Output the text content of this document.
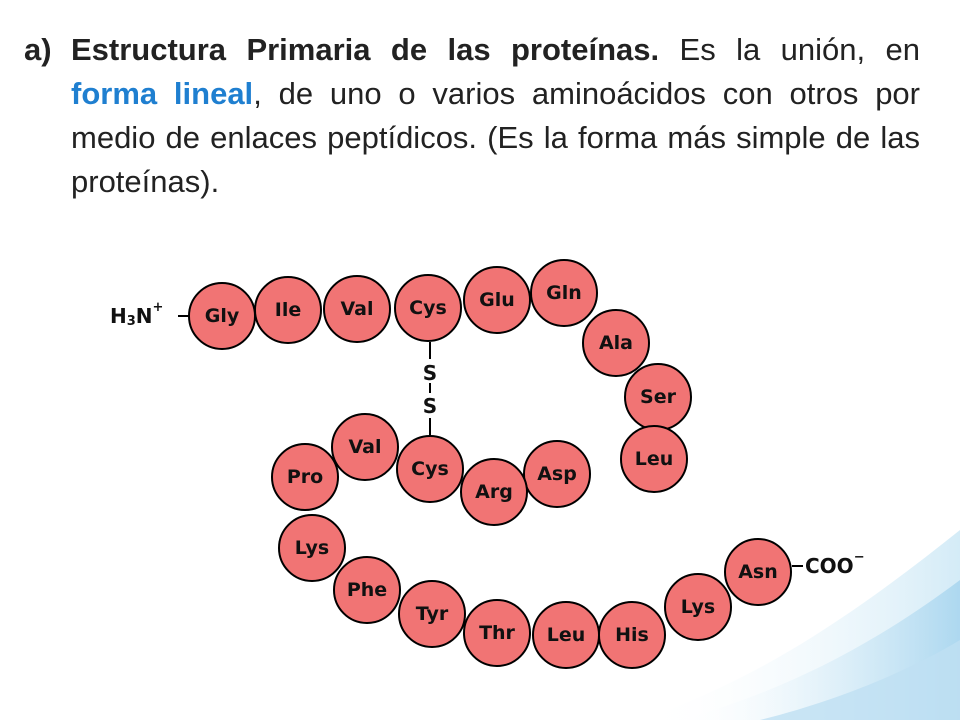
a) Estructura Primaria de las proteínas. Es la unión, en forma lineal, de uno o varios aminoácidos con otros por medio de enlaces peptídicos. (Es la forma más simple de las proteínas).
$H_3N^+$
COO−
S
S
Gly Ile Val Cys Glu Gln
Ala
Ser
Leu
Asp
Arg
Cys
Val
Pro
Lys
Phe
Tyr
Thr Leu His
Lys
Asn
